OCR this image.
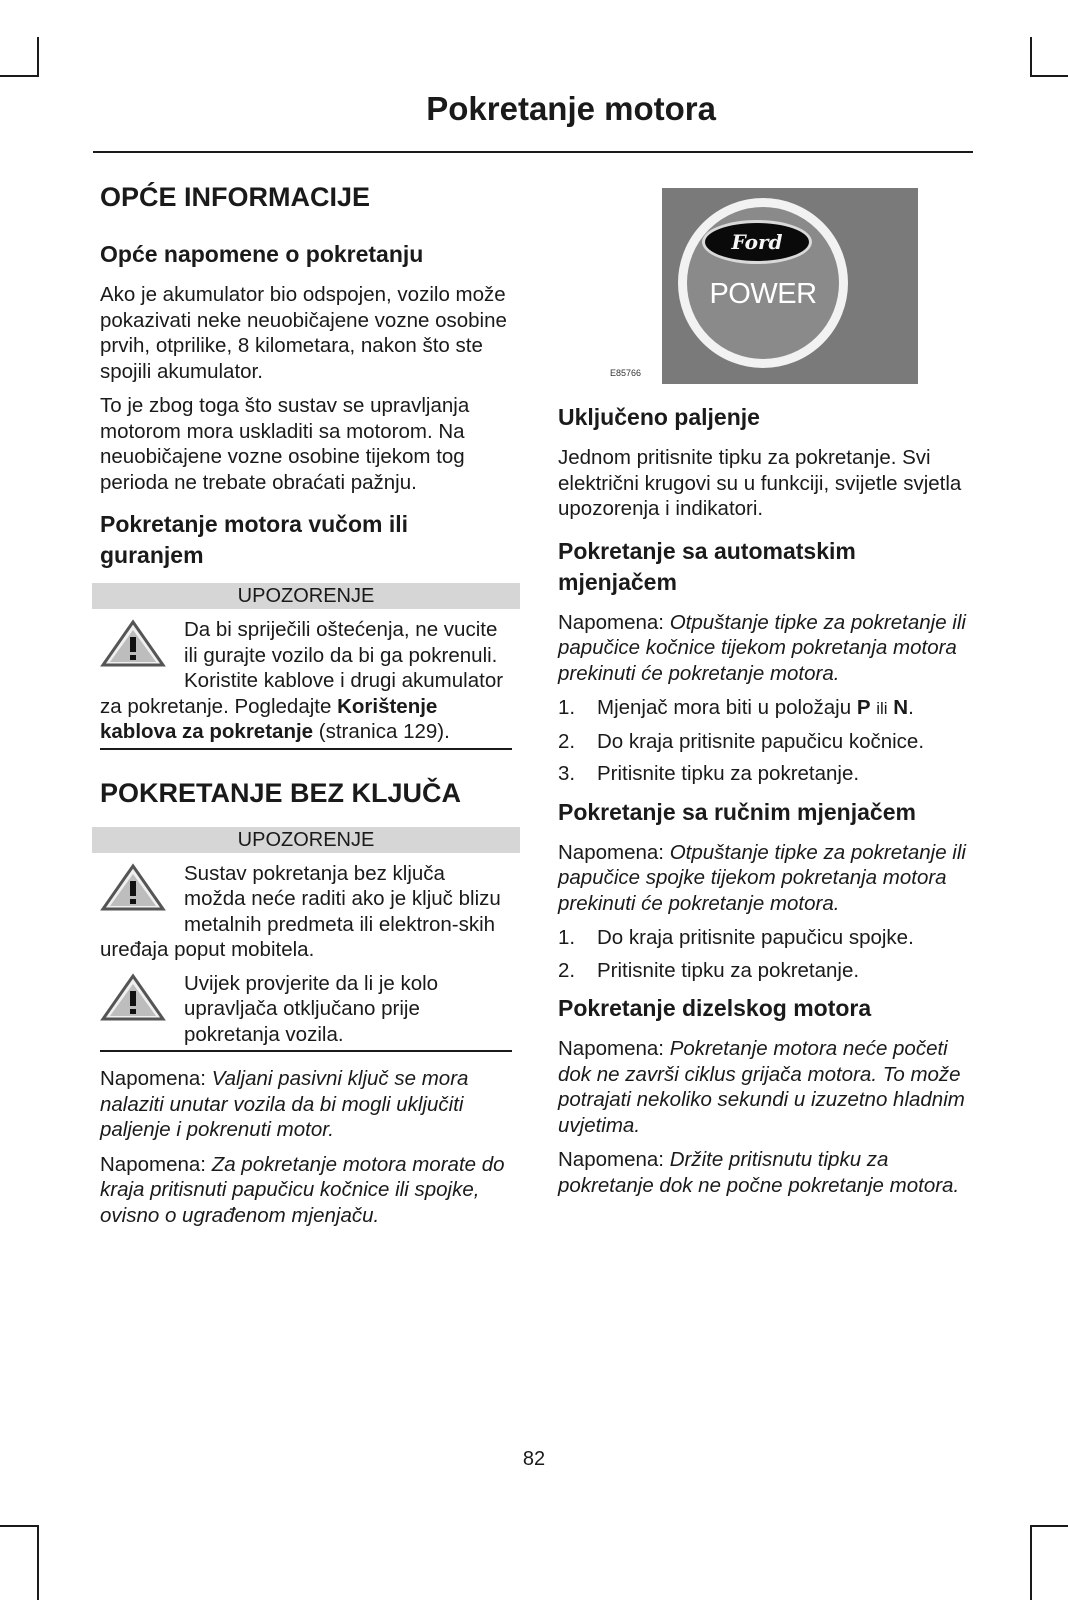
Pokretanje motora
OPĆE INFORMACIJE
Opće napomene o pokretanju

Ako je akumulator bio odspojen, vozilo može pokazivati neke neuobičajene vozne osobine prvih, otprilike, 8 kilometara, nakon što ste spojili akumulator.

To je zbog toga što sustav se upravljanja motorom mora uskladiti sa motorom. Na neuobičajene vozne osobine tijekom tog perioda ne trebate obraćati pažnju.

Pokretanje motora vučom ili guranjem
UPOZORENJE
Da bi spriječili oštećenja, ne vucite ili gurajte vozilo da bi ga pokrenuli. Koristite kablove i drugi akumulator za pokretanje. Pogledajte Korištenje kablova za pokretanje (stranica 129).
POKRETANJE BEZ KLJUČA
UPOZORENJE
Sustav pokretanja bez ključa možda neće raditi ako je ključ blizu metalnih predmeta ili elektron-skih uređaja poput mobitela.
Uvijek provjerite da li je kolo upravljača otključano prije pokretanja vozila.

Napomena: Valjani pasivni ključ se mora nalaziti unutar vozila da bi mogli uključiti paljenje i pokrenuti motor.

Napomena: Za pokretanje motora morate do kraja pritisnuti papučicu kočnice ili spojke, ovisno o ugrađenom mjenjaču.

Ford
POWER
E85766
Uključeno paljenje

Jednom pritisnite tipku za pokretanje. Svi električni krugovi su u funkciji, svijetle svjetla upozorenja i indikatori.

Pokretanje sa automatskim mjenjačem

Napomena: Otpuštanje tipke za pokretanje ili papučice kočnice tijekom pokretanja motora prekinuti će pokretanje motora.

1. Mjenjač mora biti u položaju P ili N.
2. Do kraja pritisnite papučicu kočnice.
3. Pritisnite tipku za pokretanje.
Pokretanje sa ručnim mjenjačem

Napomena: Otpuštanje tipke za pokretanje ili papučice spojke tijekom pokretanja motora prekinuti će pokretanje motora.

1. Do kraja pritisnite papučicu spojke.
2. Pritisnite tipku za pokretanje.
Pokretanje dizelskog motora

Napomena: Pokretanje motora neće početi dok ne završi ciklus grijača motora. To može potrajati nekoliko sekundi u izuzetno hladnim uvjetima.

Napomena: Držite pritisnutu tipku za pokretanje dok ne počne pokretanje motora.

82
